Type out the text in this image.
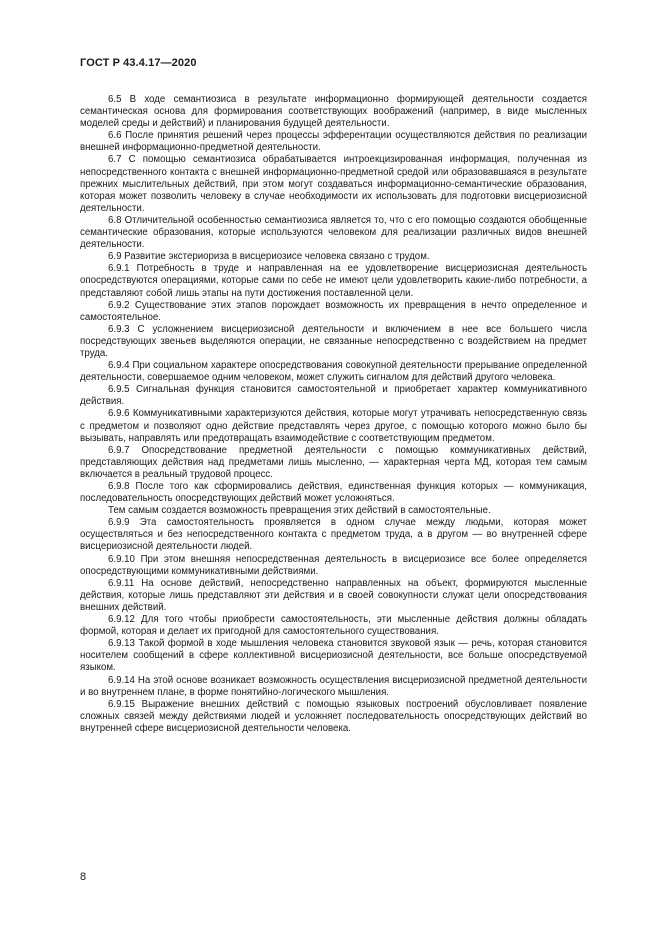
ГОСТ Р 43.4.17—2020

6.5 В ходе семантиозиса в результате информационно формирующей деятельности создается семантическая основа для формирования соответствующих воображений (например, в виде мысленных моделей среды и действий) и планирования будущей деятельности.

6.6 После принятия решений через процессы эфферентации осуществляются действия по реализации внешней информационно-предметной деятельности.

6.7 С помощью семантиозиса обрабатывается интроекцизированная информация, полученная из непосредственного контакта с внешней информационно-предметной средой или образовавшаяся в результате прежних мыслительных действий, при этом могут создаваться информационно-семантические образования, которая может позволить человеку в случае необходимости их использовать для подготовки висцериозисной деятельности.

6.8 Отличительной особенностью семантиозиса является то, что с его помощью создаются обобщенные семантические образования, которые используются человеком для реализации различных видов внешней деятельности.

6.9 Развитие экстериориза в висцериозисе человека связано с трудом.

6.9.1 Потребность в труде и направленная на ее удовлетворение висцериозисная деятельность опосредствуются операциями, которые сами по себе не имеют цели удовлетворить какие-либо потребности, а представляют собой лишь этапы на пути достижения поставленной цели.

6.9.2 Существование этих этапов порождает возможность их превращения в нечто определенное и самостоятельное.

6.9.3 С усложнением висцериозисной деятельности и включением в нее все большего числа посредствующих звеньев выделяются операции, не связанные непосредственно с воздействием на предмет труда.

6.9.4 При социальном характере опосредствования совокупной деятельности прерывание определенной деятельности, совершаемое одним человеком, может служить сигналом для действий другого человека.

6.9.5 Сигнальная функция становится самостоятельной и приобретает характер коммуникативного действия.

6.9.6 Коммуникативными характеризуются действия, которые могут утрачивать непосредственную связь с предметом и позволяют одно действие представлять через другое, с помощью которого можно было бы вызывать, направлять или предотвращать взаимодействие с соответствующим предметом.

6.9.7 Опосредствование предметной деятельности с помощью коммуникативных действий, представляющих действия над предметами лишь мысленно, — характерная черта МД, которая тем самым включается в реальный трудовой процесс.

6.9.8 После того как сформировались действия, единственная функция которых — коммуникация, последовательность опосредствующих действий может усложняться.

Тем самым создается возможность превращения этих действий в самостоятельные.

6.9.9 Эта самостоятельность проявляется в одном случае между людьми, которая может осуществляться и без непосредственного контакта с предметом труда, а в другом — во внутренней сфере висцериозисной деятельности людей.

6.9.10 При этом внешняя непосредственная деятельность в висцериозисе все более определяется опосредствующими коммуникативными действиями.

6.9.11 На основе действий, непосредственно направленных на объект, формируются мысленные действия, которые лишь представляют эти действия и в своей совокупности служат цели опосредствования внешних действий.

6.9.12 Для того чтобы приобрести самостоятельность, эти мысленные действия должны обладать формой, которая и делает их пригодной для самостоятельного существования.

6.9.13 Такой формой в ходе мышления человека становится звуковой язык — речь, которая становится носителем сообщений в сфере коллективной висцериозисной деятельности, все больше опосредствуемой языком.

6.9.14 На этой основе возникает возможность осуществления висцериозисной предметной деятельности и во внутреннем плане, в форме понятийно-логического мышления.

6.9.15 Выражение внешних действий с помощью языковых построений обусловливает появление сложных связей между действиями людей и усложняет последовательность опосредствующих действий во внутренней сфере висцериозисной деятельности человека.

8
